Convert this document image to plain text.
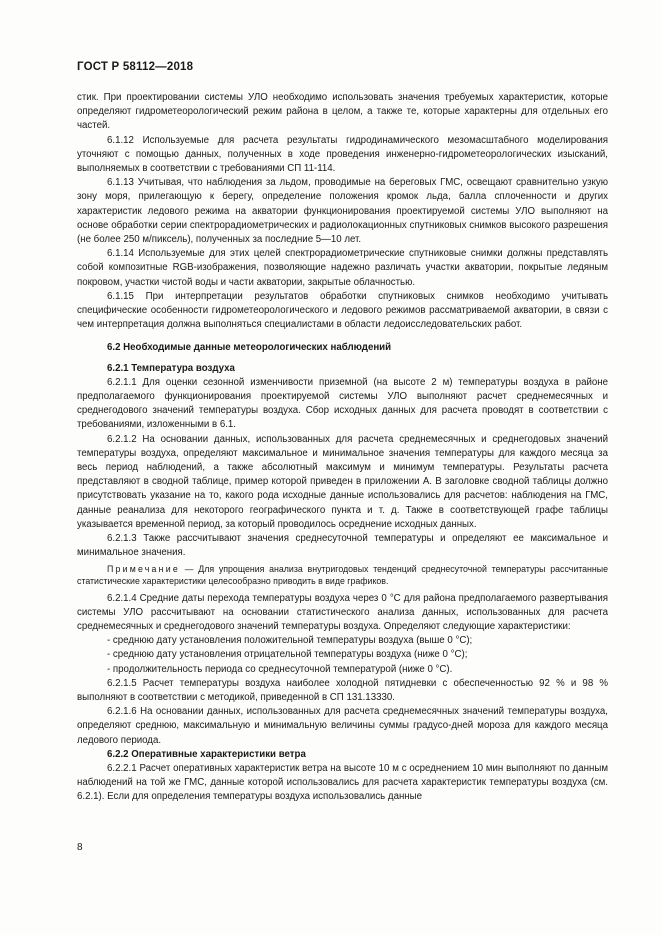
ГОСТ Р 58112—2018

стик. При проектировании системы УЛО необходимо использовать значения требуемых характеристик, которые определяют гидрометеорологический режим района в целом, а также те, которые характерны для отдельных его частей.

6.1.12 Используемые для расчета результаты гидродинамического мезомасштабного моделирования уточняют с помощью данных, полученных в ходе проведения инженерно-гидрометеорологических изысканий, выполняемых в соответствии с требованиями СП 11-114.

6.1.13 Учитывая, что наблюдения за льдом, проводимые на береговых ГМС, освещают сравнительно узкую зону моря, прилегающую к берегу, определение положения кромок льда, балла сплоченности и других характеристик ледового режима на акватории функционирования проектируемой системы УЛО выполняют на основе обработки серии спектрорадиометрических и радиолокационных спутниковых снимков высокого разрешения (не более 250 м/пиксель), полученных за последние 5—10 лет.

6.1.14 Используемые для этих целей спектрорадиометрические спутниковые снимки должны представлять собой композитные RGB-изображения, позволяющие надежно различать участки акватории, покрытые ледяным покровом, участки чистой воды и части акватории, закрытые облачностью.

6.1.15 При интерпретации результатов обработки спутниковых снимков необходимо учитывать специфические особенности гидрометеорологического и ледового режимов рассматриваемой акватории, в связи с чем интерпретация должна выполняться специалистами в области ледоисследовательских работ.

6.2 Необходимые данные метеорологических наблюдений

6.2.1 Температура воздуха

6.2.1.1 Для оценки сезонной изменчивости приземной (на высоте 2 м) температуры воздуха в районе предполагаемого функционирования проектируемой системы УЛО выполняют расчет среднемесячных и среднегодового значений температуры воздуха. Сбор исходных данных для расчета проводят в соответствии с требованиями, изложенными в 6.1.

6.2.1.2 На основании данных, использованных для расчета среднемесячных и среднегодовых значений температуры воздуха, определяют максимальное и минимальное значения температуры для каждого месяца за весь период наблюдений, а также абсолютный максимум и минимум температуры. Результаты расчета представляют в сводной таблице, пример которой приведен в приложении А. В заголовке сводной таблицы должно присутствовать указание на то, какого рода исходные данные использовались для расчетов: наблюдения на ГМС, данные реанализа для некоторого географического пункта и т. д. Также в соответствующей графе таблицы указывается временной период, за который проводилось осреднение исходных данных.

6.2.1.3 Также рассчитывают значения среднесуточной температуры и определяют ее максимальное и минимальное значения.

Примечание — Для упрощения анализа внутригодовых тенденций среднесуточной температуры рассчитанные статистические характеристики целесообразно приводить в виде графиков.

6.2.1.4 Средние даты перехода температуры воздуха через 0 °С для района предполагаемого развертывания системы УЛО рассчитывают на основании статистического анализа данных, использованных для расчета среднемесячных и среднегодового значений температуры воздуха. Определяют следующие характеристики:

- среднюю дату установления положительной температуры воздуха (выше 0 °С);

- среднюю дату установления отрицательной температуры воздуха (ниже 0 °С);

- продолжительность периода со среднесуточной температурой (ниже 0 °С).

6.2.1.5 Расчет температуры воздуха наиболее холодной пятидневки с обеспеченностью 92 % и 98 % выполняют в соответствии с методикой, приведенной в СП 131.13330.

6.2.1.6 На основании данных, использованных для расчета среднемесячных значений температуры воздуха, определяют среднюю, максимальную и минимальную величины суммы градусо-дней мороза для каждого месяца ледового периода.

6.2.2 Оперативные характеристики ветра

6.2.2.1 Расчет оперативных характеристик ветра на высоте 10 м с осреднением 10 мин выполняют по данным наблюдений на той же ГМС, данные которой использовались для расчета характеристик температуры воздуха (см. 6.2.1). Если для определения температуры воздуха использовались данные

8
